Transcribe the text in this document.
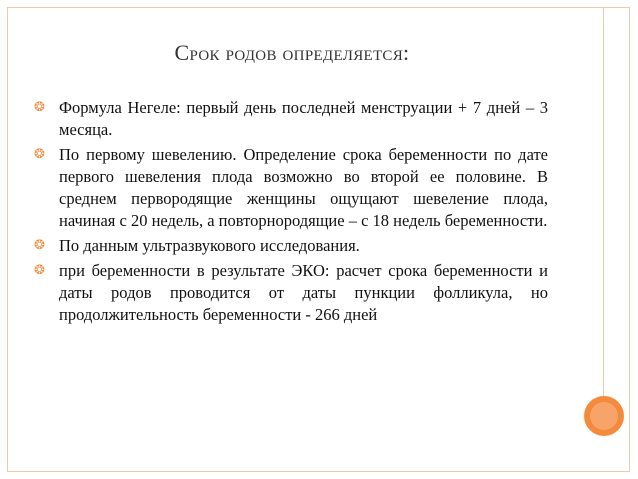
Срок родов определяется:
❂ Формула Негеле: первый день последней менструации + 7 дней – 3 месяца.
❂ По первому шевелению. Определение срока беременности по дате первого шевеления плода возможно во второй ее половине. В среднем первородящие женщины ощущают шевеление плода, начиная с 20 недель, а повторнородящие – с 18 недель беременности.
❂ По данным ультразвукового исследования.
❂ при беременности в результате ЭКО: расчет срока беременности и даты родов проводится от даты пункции фолликула, но продолжительность беременности - 266 дней
